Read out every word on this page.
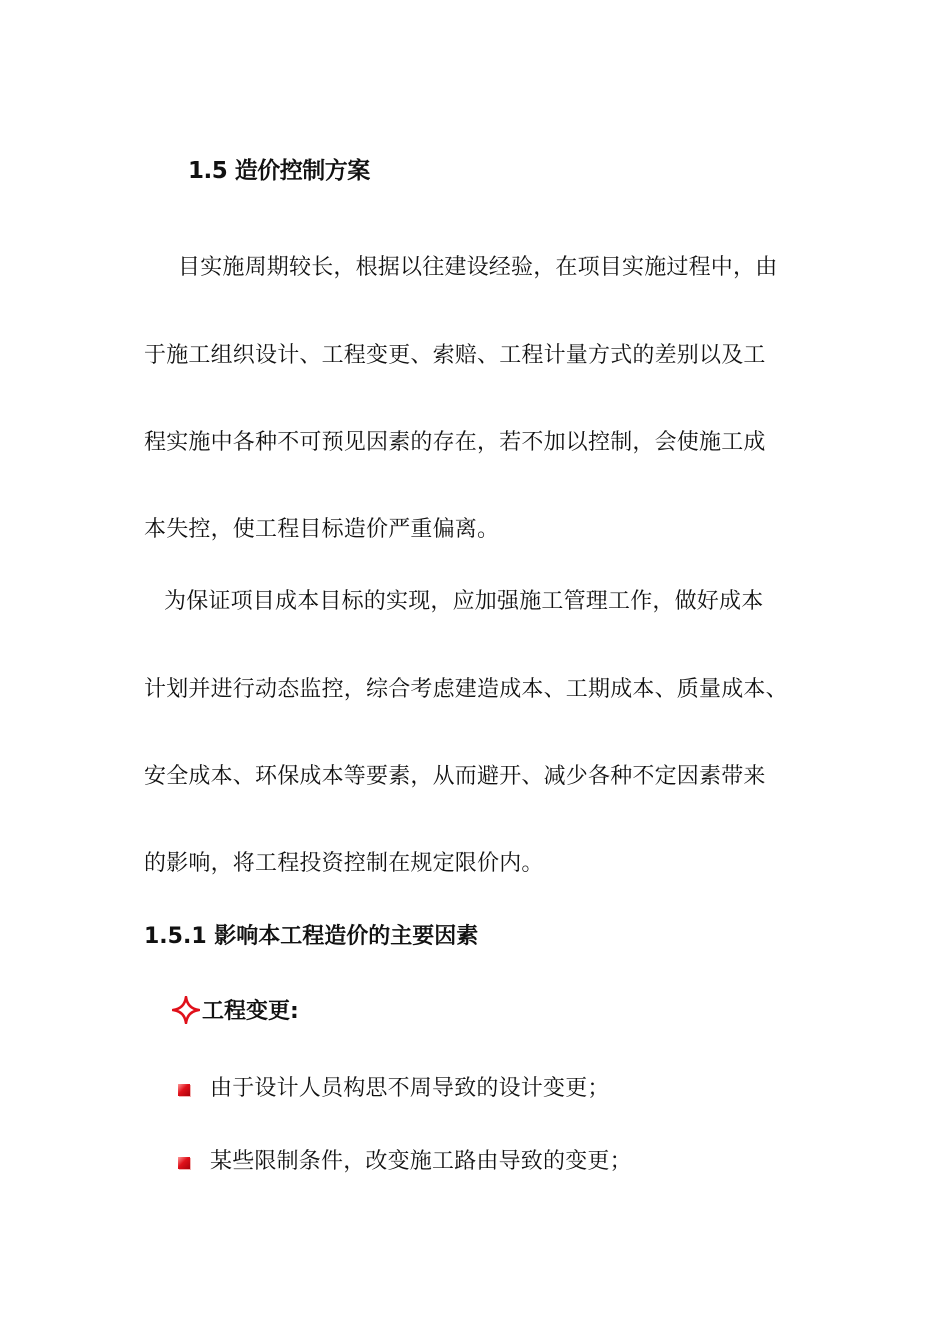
1.5 造价控制方案
目实施周期较长，根据以往建设经验，在项目实施过程中，由
于施工组织设计、工程变更、索赔、工程计量方式的差别以及工
程实施中各种不可预见因素的存在，若不加以控制，会使施工成
本失控，使工程目标造价严重偏离。
为保证项目成本目标的实现，应加强施工管理工作，做好成本
计划并进行动态监控，综合考虑建造成本、工期成本、质量成本、
安全成本、环保成本等要素，从而避开、减少各种不定因素带来
的影响，将工程投资控制在规定限价内。
1.5.1 影响本工程造价的主要因素
工程变更:
由于设计人员构思不周导致的设计变更；
某些限制条件，改变施工路由导致的变更；
